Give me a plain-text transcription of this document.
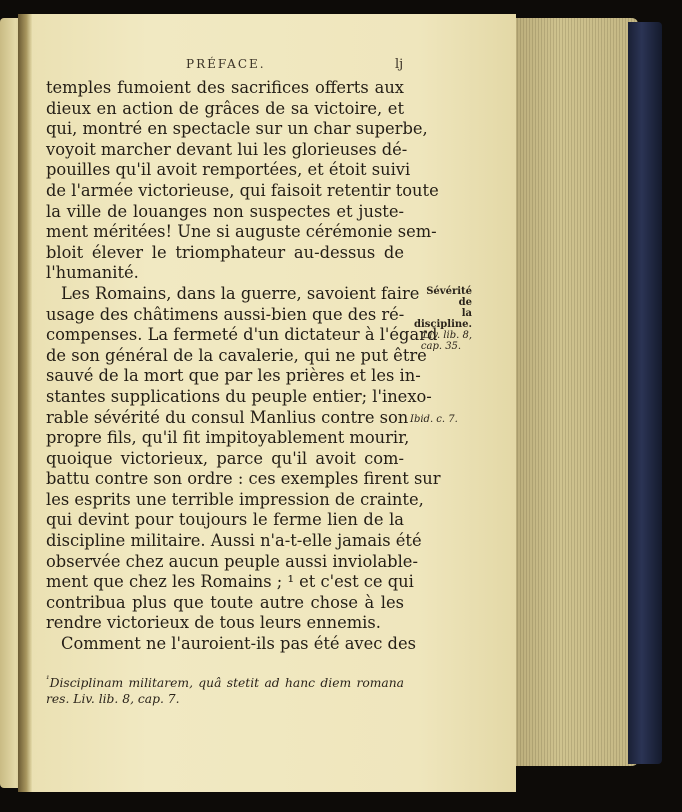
PRÉFACE.	lj
temples fumoient des sacrifices offerts aux
dieux en action de grâces de sa victoire, et
qui, montré en spectacle sur un char superbe,
voyoit marcher devant lui les glorieuses dé-
pouilles qu'il avoit remportées, et étoit suivi
de l'armée victorieuse, qui faisoit retentir toute
la ville de louanges non suspectes et juste-
ment méritées! Une si auguste cérémonie sem-
bloit élever le triomphateur au-dessus de
l'humanité.
Les Romains, dans la guerre, savoient faire
usage des châtimens aussi-bien que des ré-
compenses. La fermeté d'un dictateur à l'égard
de son général de la cavalerie, qui ne put être
sauvé de la mort que par les prières et les in-
stantes supplications du peuple entier; l'inexo-
rable sévérité du consul Manlius contre son
propre fils, qu'il fit impitoyablement mourir,
quoique victorieux, parce qu'il avoit com-
battu contre son ordre : ces exemples firent sur
les esprits une terrible impression de crainte,
qui devint pour toujours le ferme lien de la
discipline militaire. Aussi n'a-t-elle jamais été
observée chez aucun peuple aussi inviolable-
ment que chez les Romains ; ¹ et c'est ce qui
contribua plus que toute autre chose à les
rendre victorieux de tous leurs ennemis.
Comment ne l'auroient-ils pas été avec des
Sévérité de
la discipline.
Liv. lib. 8,
cap. 35.
Ibid. c. 7.
$^{^1}$Disciplinam militarem, quâ stetit ad hanc diem romana
res. Liv. lib. 8, cap. 7.
